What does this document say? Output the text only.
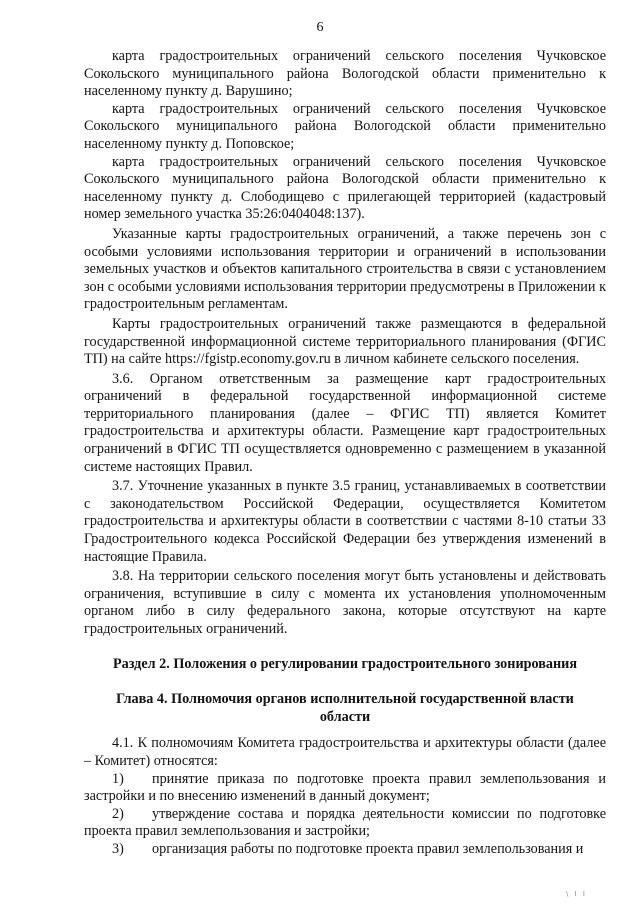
6

карта градостроительных ограничений сельского поселения Чучковское Сокольского муниципального района Вологодской области применительно к населенному пункту д. Варушино;

карта градостроительных ограничений сельского поселения Чучковское Сокольского муниципального района Вологодской области применительно населенному пункту д. Поповское;

карта градостроительных ограничений сельского поселения Чучковское Сокольского муниципального района Вологодской области применительно к населенному пункту д. Слободищево с прилегающей территорией (кадастровый номер земельного участка 35:26:0404048:137).

Указанные карты градостроительных ограничений, а также перечень зон с особыми условиями использования территории и ограничений в использовании земельных участков и объектов капитального строительства в связи с установлением зон с особыми условиями использования территории предусмотрены в Приложении к градостроительным регламентам.

Карты градостроительных ограничений также размещаются в федеральной государственной информационной системе территориального планирования (ФГИС ТП) на сайте https://fgistp.economy.gov.ru в личном кабинете сельского поселения.

3.6. Органом ответственным за размещение карт градостроительных ограничений в федеральной государственной информационной системе территориального планирования (далее – ФГИС ТП) является Комитет градостроительства и архитектуры области. Размещение карт градостроительных ограничений в ФГИС ТП осуществляется одновременно с размещением в указанной системе настоящих Правил.

3.7. Уточнение указанных в пункте 3.5 границ, устанавливаемых в соответствии с законодательством Российской Федерации, осуществляется Комитетом градостроительства и архитектуры области в соответствии с частями 8-10 статьи 33 Градостроительного кодекса Российской Федерации без утверждения изменений в настоящие Правила.

3.8. На территории сельского поселения могут быть установлены и действовать ограничения, вступившие в силу с момента их установления уполномоченным органом либо в силу федерального закона, которые отсутствуют на карте градостроительных ограничений.

Раздел 2. Положения о регулировании градостроительного зонирования

Глава 4. Полномочия органов исполнительной государственной власти области

4.1. К полномочиям Комитета градостроительства и архитектуры области (далее – Комитет) относятся:

1) принятие приказа по подготовке проекта правил землепользования и застройки и по внесению изменений в данный документ;

2) утверждение состава и порядка деятельности комиссии по подготовке проекта правил землепользования и застройки;

3) организация работы по подготовке проекта правил землепользования и

\ I I
